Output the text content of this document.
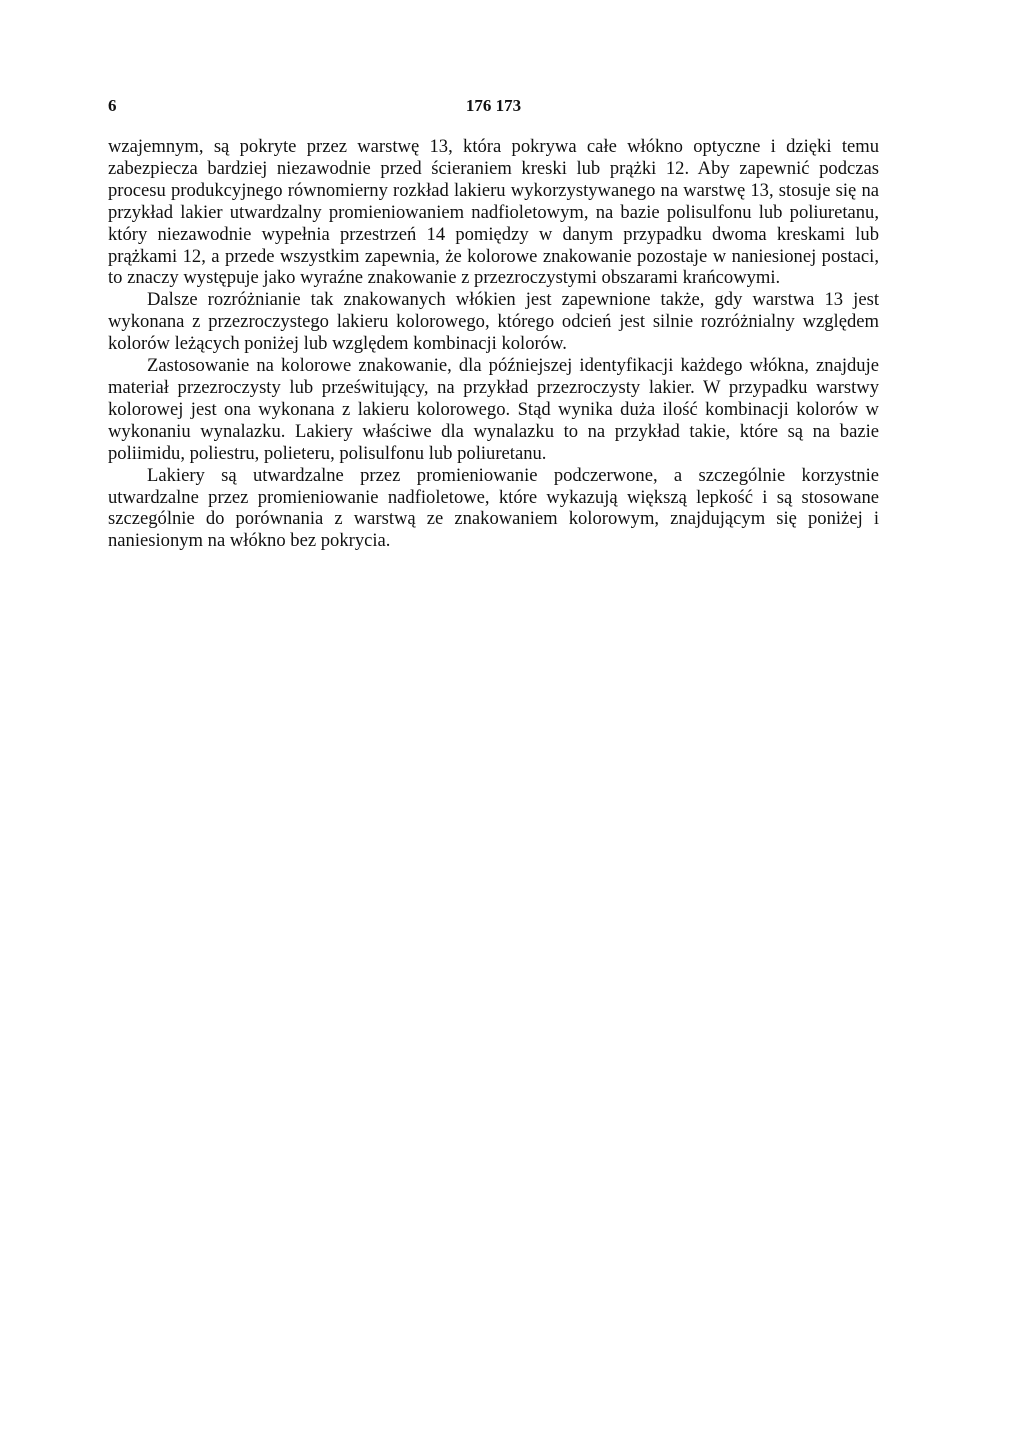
6	176 173

wzajemnym, są pokryte przez warstwę 13, która pokrywa całe włókno optyczne i dzięki temu zabezpiecza bardziej niezawodnie przed ścieraniem kreski lub prążki 12. Aby zapewnić podczas procesu produkcyjnego równomierny rozkład lakieru wykorzystywanego na warstwę 13, stosuje się na przykład lakier utwardzalny promieniowaniem nadfioletowym, na bazie polisulfonu lub poliuretanu, który niezawodnie wypełnia przestrzeń 14 pomiędzy w danym przypadku dwoma kreskami lub prążkami 12, a przede wszystkim zapewnia, że kolorowe znakowanie pozostaje w naniesionej postaci, to znaczy występuje jako wyraźne znakowanie z przezroczystymi obszarami krańcowymi.

Dalsze rozróżnianie tak znakowanych włókien jest zapewnione także, gdy warstwa 13 jest wykonana z przezroczystego lakieru kolorowego, którego odcień jest silnie rozróżnialny względem kolorów leżących poniżej lub względem kombinacji kolorów.

Zastosowanie na kolorowe znakowanie, dla późniejszej identyfikacji każdego włókna, znajduje materiał przezroczysty lub prześwitujący, na przykład przezroczysty lakier. W przypadku warstwy kolorowej jest ona wykonana z lakieru kolorowego. Stąd wynika duża ilość kombinacji kolorów w wykonaniu wynalazku. Lakiery właściwe dla wynalazku to na przykład takie, które są na bazie poliimidu, poliestru, polieteru, polisulfonu lub poliuretanu.

Lakiery są utwardzalne przez promieniowanie podczerwone, a szczególnie korzystnie utwardzalne przez promieniowanie nadfioletowe, które wykazują większą lepkość i są stosowane szczególnie do porównania z warstwą ze znakowaniem kolorowym, znajdującym się poniżej i naniesionym na włókno bez pokrycia.
